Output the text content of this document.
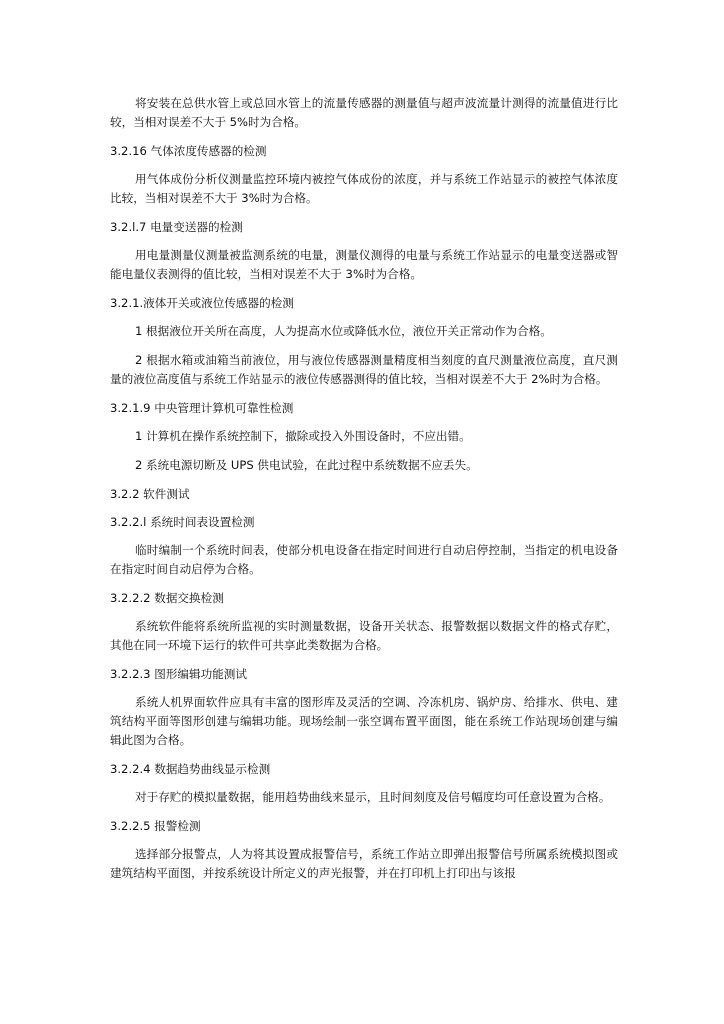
将安装在总供水管上或总回水管上的流量传感器的测量值与超声波流量计测得的流量值进行比较，当相对误差不大于 5%时为合格。

3.2.16 气体浓度传感器的检测

用气体成份分析仪测量监控环境内被控气体成份的浓度，并与系统工作站显示的被控气体浓度比较，当相对误差不大于 3%时为合格。

3.2.l.7 电量变送器的检测

用电量测量仪测量被监测系统的电量，测量仪测得的电量与系统工作站显示的电量变送器或智能电量仪表测得的值比较，当相对误差不大于 3%时为合格。

3.2.1.液体开关或液位传感器的检测

1 根据液位开关所在高度，人为提高水位或降低水位，液位开关正常动作为合格。

2 根据水箱或油箱当前液位，用与液位传感器测量精度相当刻度的直尺测量液位高度，直尺测量的液位高度值与系统工作站显示的液位传感器测得的值比较，当相对误差不大于 2%时为合格。

3.2.1.9 中央管理计算机可靠性检测

1 计算机在操作系统控制下，撤除或投入外围设备时，不应出错。

2 系统电源切断及 UPS 供电试验，在此过程中系统数据不应丢失。

3.2.2 软件测试
3.2.2.l 系统时间表设置检测

临时编制一个系统时间表，使部分机电设备在指定时间进行自动启停控制，当指定的机电设备在指定时间自动启停为合格。

3.2.2.2 数据交换检测

系统软件能将系统所监视的实时测量数据，设备开关状态、报警数据以数据文件的格式存贮，其他在同一环境下运行的软件可共享此类数据为合格。

3.2.2.3 图形编辑功能测试

系统人机界面软件应具有丰富的图形库及灵活的空调、冷冻机房、锅炉房、给排水、供电、建筑结构平面等图形创建与编辑功能。现场绘制一张空调布置平面图，能在系统工作站现场创建与编辑此图为合格。

3.2.2.4 数据趋势曲线显示检测

对于存贮的模拟量数据，能用趋势曲线来显示，且时间刻度及信号幅度均可任意设置为合格。

3.2.2.5 报警检测

选择部分报警点，人为将其设置成报警信号，系统工作站立即弹出报警信号所属系统模拟图或建筑结构平面图，并按系统设计所定义的声光报警，并在打印机上打印出与该报
